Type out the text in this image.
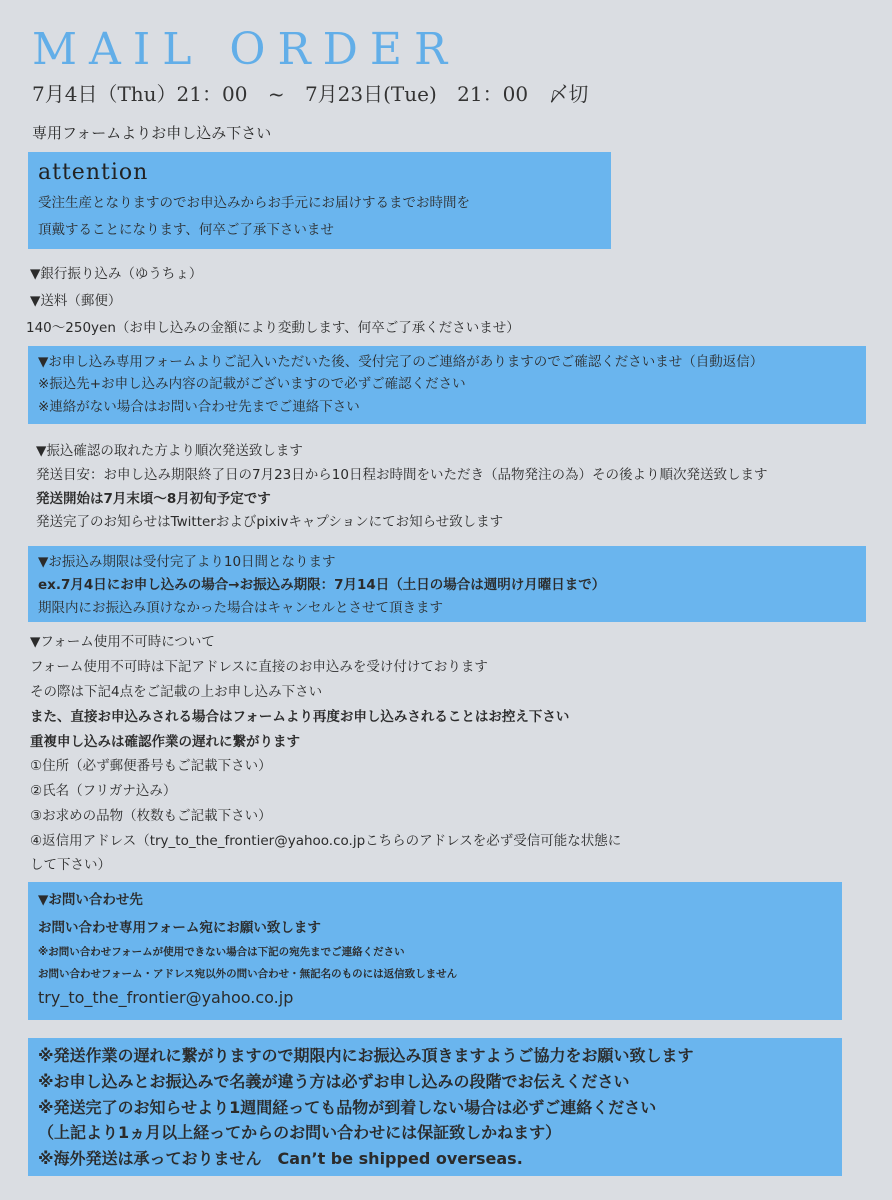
MAIL ORDER
7月4日（Thu）21：00 ~ 7月23日(Tue) 21：00 〆切
専用フォームよりお申し込み下さい
attention
受注生産となりますのでお申込みからお手元にお届けするまでお時間を
頂戴することになります、何卒ご了承下さいませ
▼銀行振り込み（ゆうちょ）
▼送料（郵便）
140～250yen（お申し込みの金額により変動します、何卒ご了承くださいませ）
▼お申し込み専用フォームよりご記入いただいた後、受付完了のご連絡がありますのでご確認くださいませ（自動返信）
※振込先+お申し込み内容の記載がございますので必ずご確認ください
※連絡がない場合はお問い合わせ先までご連絡下さい
▼振込確認の取れた方より順次発送致します
発送目安：お申し込み期限終了日の7月23日から10日程お時間をいただき（品物発注の為）その後より順次発送致します
発送開始は7月末頃～8月初旬予定です
発送完了のお知らせはTwitterおよびpixivキャプションにてお知らせ致します
▼お振込み期限は受付完了より10日間となります
ex.7月4日にお申し込みの場合→お振込み期限：7月14日（土日の場合は週明け月曜日まで）
期限内にお振込み頂けなかった場合はキャンセルとさせて頂きます
▼フォーム使用不可時について
フォーム使用不可時は下記アドレスに直接のお申込みを受け付けております
その際は下記4点をご記載の上お申し込み下さい
また、直接お申込みされる場合はフォームより再度お申し込みされることはお控え下さい
重複申し込みは確認作業の遅れに繋がります
①住所（必ず郵便番号もご記載下さい）
②氏名（フリガナ込み）
③お求めの品物（枚数もご記載下さい）
④返信用アドレス（try_to_the_frontier@yahoo.co.jpこちらのアドレスを必ず受信可能な状態に
して下さい）
▼お問い合わせ先
お問い合わせ専用フォーム宛にお願い致します
※お問い合わせフォームが使用できない場合は下記の宛先までご連絡ください
お問い合わせフォーム・アドレス宛以外の問い合わせ・無記名のものには返信致しません
try_to_the_frontier@yahoo.co.jp
※発送作業の遅れに繋がりますので期限内にお振込み頂きますようご協力をお願い致します
※お申し込みとお振込みで名義が違う方は必ずお申し込みの段階でお伝えください
※発送完了のお知らせより1週間経っても品物が到着しない場合は必ずご連絡ください
（上記より1ヵ月以上経ってからのお問い合わせには保証致しかねます）
※海外発送は承っておりません　Can’t be shipped overseas.
